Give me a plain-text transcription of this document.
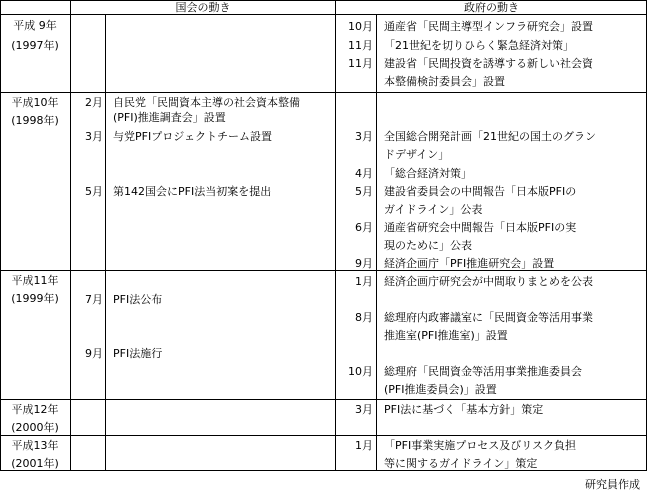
国会の動き	政府の動き
平成 9年
(1997年)
平成10年
(1998年)
平成11年
(1999年)
平成12年
(2000年)
平成13年
(2001年)
2月 自民党「民間資本主導の社会資本整備
(PFI)推進調査会」設置
3月 与党PFIプロジェクトチーム設置
5月 第142国会にPFI法当初案を提出
7月 PFI法公布
9月 PFI法施行
10月 通産省「民間主導型インフラ研究会」設置
11月 「21世紀を切りひらく緊急経済対策」
11月 建設省「民間投資を誘導する新しい社会資
本整備検討委員会」設置
3月 全国総合開発計画「21世紀の国土のグラン
ドデザイン」
4月 「総合経済対策」
5月 建設省委員会の中間報告「日本版PFIの
ガイドライン」公表
6月 通産省研究会中間報告「日本版PFIの実
現のために」公表
9月 経済企画庁「PFI推進研究会」設置
1月 経済企画庁研究会が中間取りまとめを公表
8月 総理府内政審議室に「民間資金等活用事業
推進室(PFI推進室)」設置
10月 総理府「民間資金等活用事業推進委員会
(PFI推進委員会)」設置
3月 PFI法に基づく「基本方針」策定
1月 「PFI事業実施プロセス及びリスク負担
等に関するガイドライン」策定
研究員作成
